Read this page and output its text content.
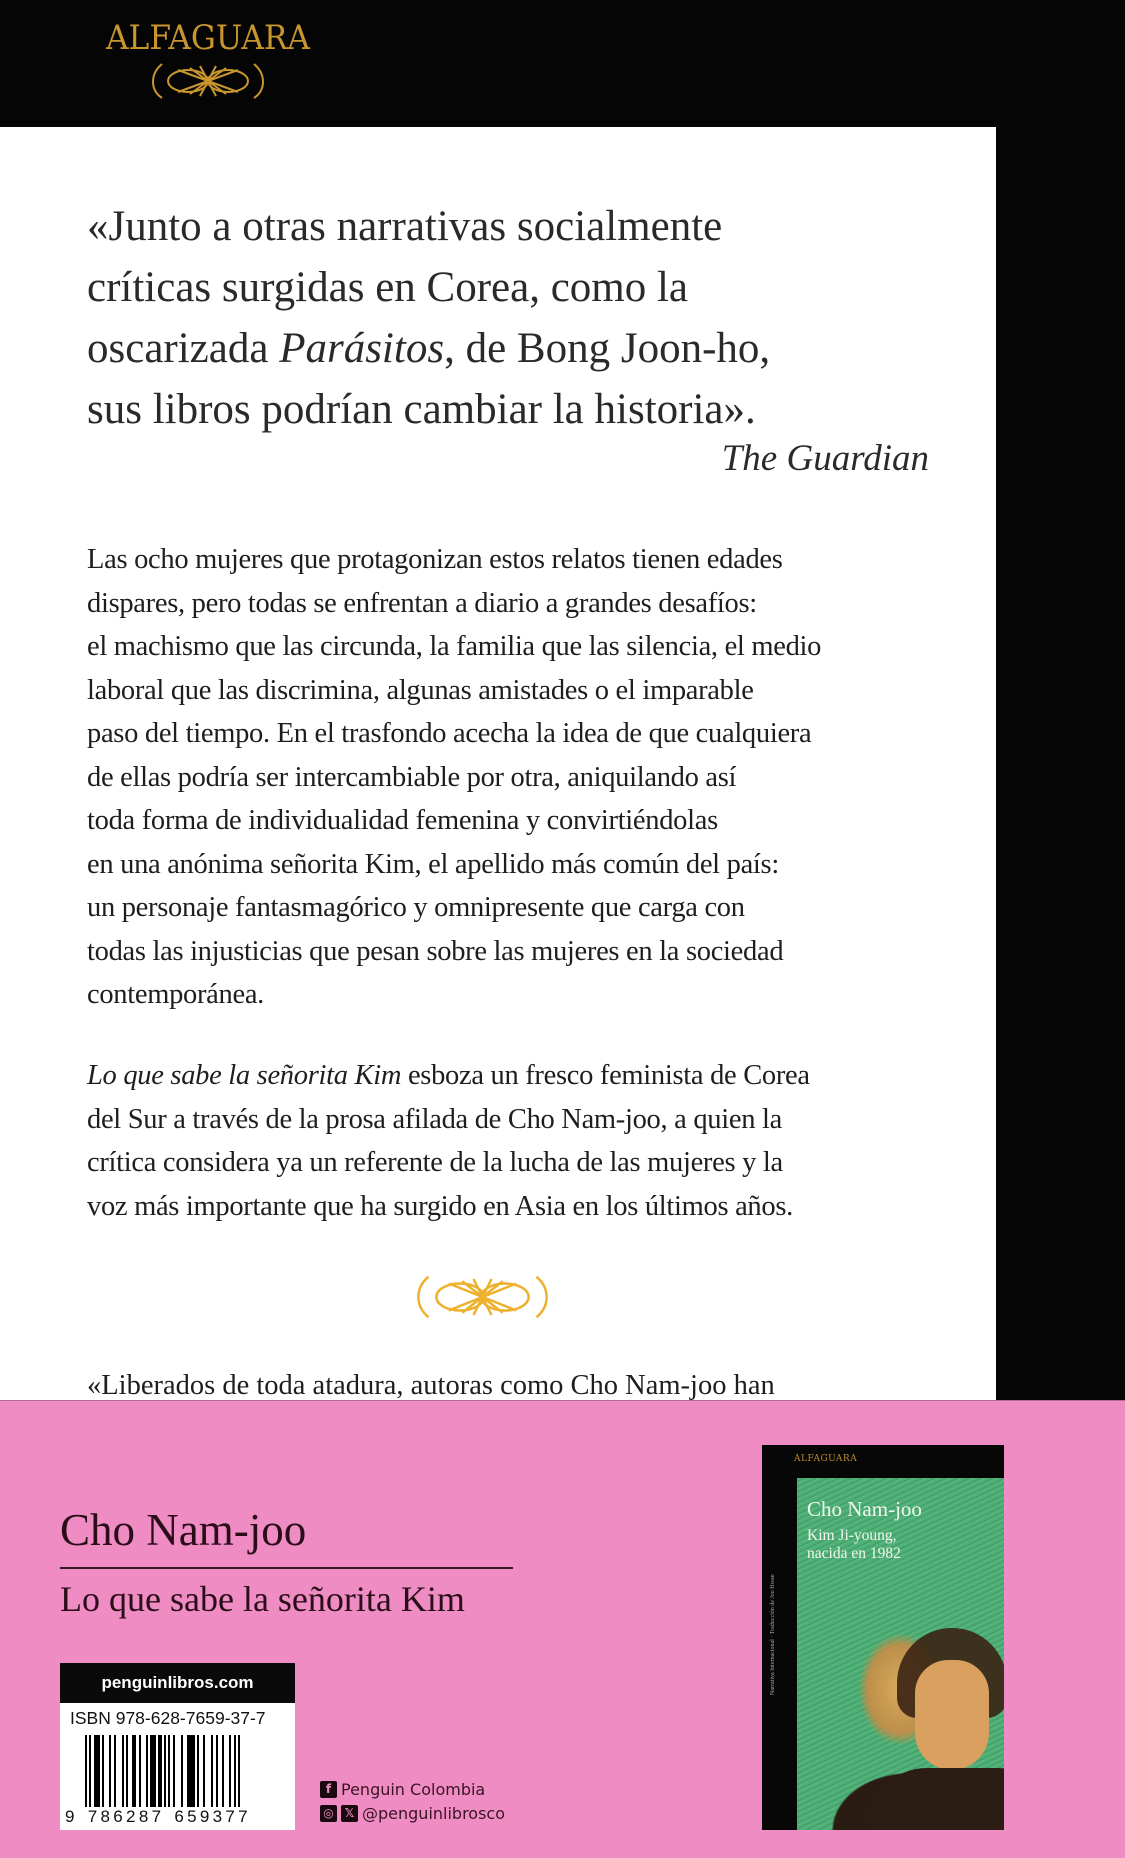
ALFAGUARA
«Junto a otras narrativas socialmente
críticas surgidas en Corea, como la
oscarizada Parásitos, de Bong Joon-ho,
sus libros podrían cambiar la historia».
The Guardian
Las ocho mujeres que protagonizan estos relatos tienen edades
dispares, pero todas se enfrentan a diario a grandes desafíos:
el machismo que las circunda, la familia que las silencia, el medio
laboral que las discrimina, algunas amistades o el imparable
paso del tiempo. En el trasfondo acecha la idea de que cualquiera
de ellas podría ser intercambiable por otra, aniquilando así
toda forma de individualidad femenina y convirtiéndolas
en una anónima señorita Kim, el apellido más común del país:
un personaje fantasmagórico y omnipresente que carga con
todas las injusticias que pesan sobre las mujeres en la sociedad
contemporánea.
Lo que sabe la señorita Kim esboza un fresco feminista de Corea
del Sur a través de la prosa afilada de Cho Nam-joo, a quien la
crítica considera ya un referente de la lucha de las mujeres y la
voz más importante que ha surgido en Asia en los últimos años.
«Liberados de toda atadura, autoras como Cho Nam-joo han
Cho Nam-joo
Lo que sabe la señorita Kim
penguinlibros.com
ISBN 978-628-7659-37-7
9 786287 659377
f Penguin Colombia
◎ 𝕏 @penguinlibrosco
ALFAGUARA
Cho Nam-joo
Kim Ji-young,
nacida en 1982
Narrativa Internacional · Traducción de Joo Hwan
